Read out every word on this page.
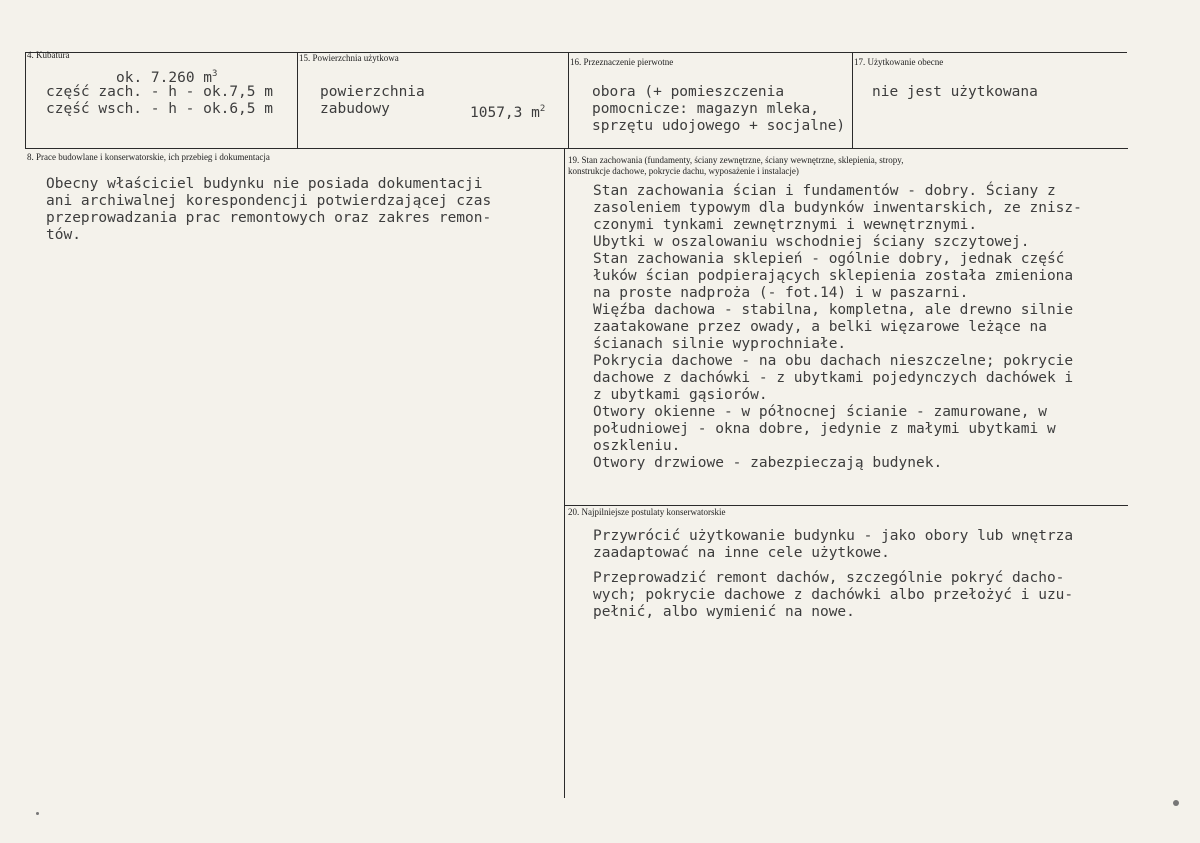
4. Kubatura
ok. 7.260 $m^3$
część zach. - h - ok.7,5 m
część wsch. - h - ok.6,5 m
15. Powierzchnia użytkowa
powierzchnia
zabudowy	1057,3 $m^2$
16. Przeznaczenie pierwotne
obora (+ pomieszczenia
pomocnicze: magazyn mleka,
sprzętu udojowego + socjalne)
17. Użytkowanie obecne
nie jest użytkowana
8. Prace budowlane i konserwatorskie, ich przebieg i dokumentacja
Obecny właściciel budynku nie posiada dokumentacji
ani archiwalnej korespondencji potwierdzającej czas
przeprowadzania prac remontowych oraz zakres remon-
tów.
19. Stan zachowania (fundamenty, ściany zewnętrzne, ściany wewnętrzne, sklepienia, stropy,
konstrukcje dachowe, pokrycie dachu, wyposażenie i instalacje)
Stan zachowania ścian i fundamentów - dobry. Ściany z
zasoleniem typowym dla budynków inwentarskich, ze znisz-
czonymi tynkami zewnętrznymi i wewnętrznymi.
Ubytki w oszalowaniu wschodniej ściany szczytowej.
Stan zachowania sklepień - ogólnie dobry, jednak część
łuków ścian podpierających sklepienia została zmieniona
na proste nadproża (- fot.14) i w paszarni.
Więźba dachowa - stabilna, kompletna, ale drewno silnie
zaatakowane przez owady, a belki więzarowe leżące na
ścianach silnie wyprochniałe.
Pokrycia dachowe - na obu dachach nieszczelne; pokrycie
dachowe z dachówki - z ubytkami pojedynczych dachówek i
z ubytkami gąsiorów.
Otwory okienne - w północnej ścianie - zamurowane, w
południowej - okna dobre, jedynie z małymi ubytkami w
oszkleniu.
Otwory drzwiowe - zabezpieczają budynek.
20. Najpilniejsze postulaty konserwatorskie
Przywrócić użytkowanie budynku - jako obory lub wnętrza
zaadaptować na inne cele użytkowe.
Przeprowadzić remont dachów, szczególnie pokryć dacho-
wych; pokrycie dachowe z dachówki albo przełożyć i uzu-
pełnić, albo wymienić na nowe.
